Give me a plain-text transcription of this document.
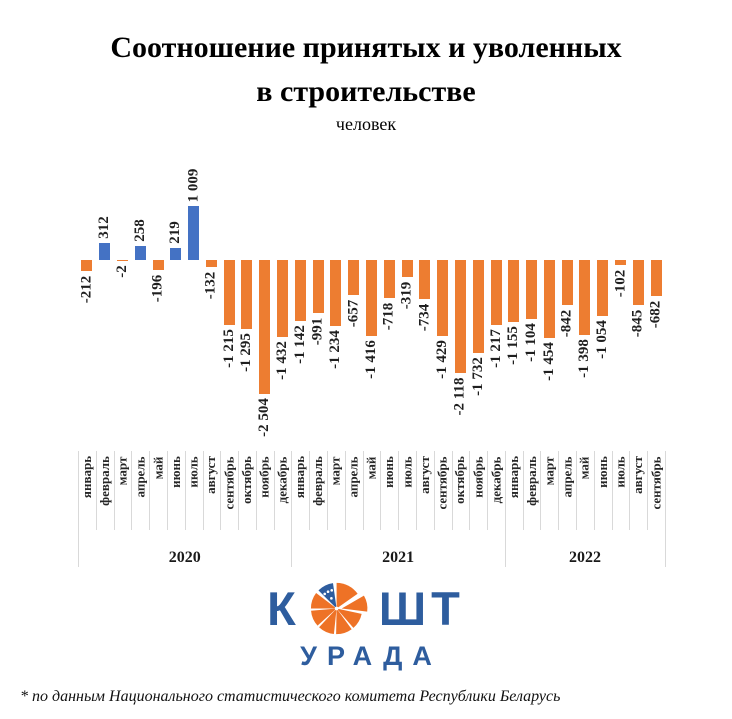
Соотношение принятых и уволенных
в строительстве
человек
-212
январь
312
февраль
-2
март
258
апрель
-196
май
219
июнь
1 009
июль
-132
август
-1 215
сентябрь
-1 295
октябрь
-2 504
ноябрь
-1 432
декабрь
2020
-1 142
январь
-991
февраль
-1 234
март
-657
апрель
-1 416
май
-718
июнь
-319
июль
-734
август
-1 429
сентябрь
-2 118
октябрь
-1 732
ноябрь
-1 217
декабрь
2021
-1 155
январь
-1 104
февраль
-1 454
март
-842
апрель
-1 398
май
-1 054
июнь
-102
июль
-845
август
-682
сентябрь
2022
К ШТ
УРАДА
* по данным Национального статистического комитета Республики Беларусь
